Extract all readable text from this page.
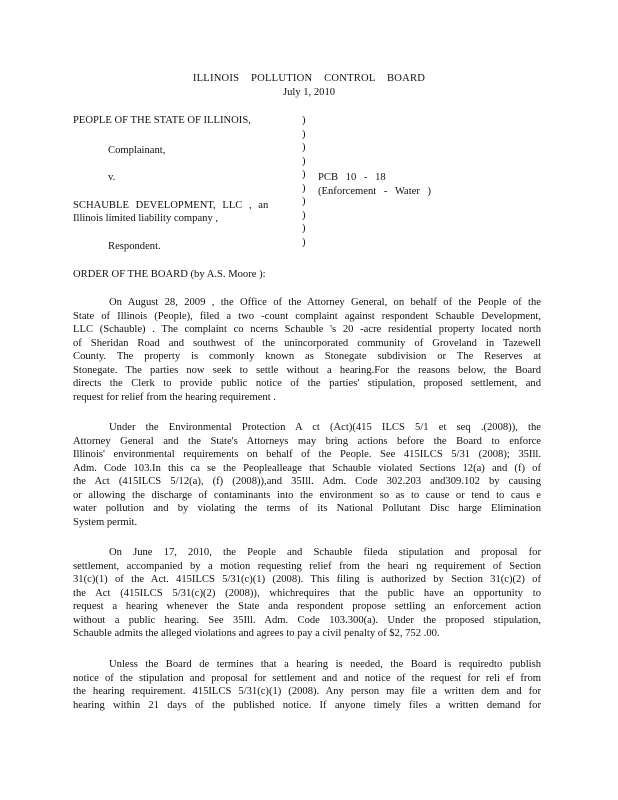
ILLINOIS POLLUTION CONTROL BOARD
July 1, 2010
PEOPLE OF THE STATE OF ILLINOIS,
Complainant,
v.
SCHAUBLE DEVELOPMENT, LLC , an
Illinois limited liability company ,
Respondent.
)
)
)
)
)
)
)
)
)
)
PCB 10 - 18
(Enforcement - Water )
ORDER OF THE BOARD (by A.S. Moore ):
On August 28, 2009 , the Office of the Attorney General, on behalf of the People of the
State of Illinois (People), filed a two -count complaint against respondent Schauble Development,
LLC (Schauble) . The complaint co ncerns Schauble 's 20 -acre residential property located north
of Sheridan Road and southwest of the unincorporated community of Groveland in Tazewell
County. The property is commonly known as Stonegate subdivision or The Reserves at
Stonegate. The parties now seek to settle without a hearing.For the reasons below, the Board
directs the Clerk to provide public notice of the parties' stipulation, proposed settlement, and
request for relief from the hearing requirement .
Under the Environmental Protection A ct (Act)(415 ILCS 5/1 et seq .(2008)), the
Attorney General and the State's Attorneys may bring actions before the Board to enforce
Illinois' environmental requirements on behalf of the People. See 415ILCS 5/31 (2008); 35Ill.
Adm. Code 103.In this ca se the Peoplealleage that Schauble violated Sections 12(a) and (f) of
the Act (415ILCS 5/12(a), (f) (2008)),and 35Ill. Adm. Code 302.203 and309.102 by causing
or allowing the discharge of contaminants into the environment so as to cause or tend to caus e
water pollution and by violating the terms of its National Pollutant Disc harge Elimination
System permit.
On June 17, 2010, the People and Schauble fileda stipulation and proposal for
settlement, accompanied by a motion requesting relief from the heari ng requirement of Section
31(c)(1) of the Act. 415ILCS 5/31(c)(1) (2008). This filing is authorized by Section 31(c)(2) of
the Act (415ILCS 5/31(c)(2) (2008)), whichrequires that the public have an opportunity to
request a hearing whenever the State anda respondent propose settling an enforcement action
without a public hearing. See 35Ill. Adm. Code 103.300(a). Under the proposed stipulation,
Schauble admits the alleged violations and agrees to pay a civil penalty of $2, 752 .00.
Unless the Board de termines that a hearing is needed, the Board is requiredto publish
notice of the stipulation and proposal for settlement and and notice of the request for reli ef from
the hearing requirement. 415ILCS 5/31(c)(1) (2008). Any person may file a written dem and for
hearing within 21 days of the published notice. If anyone timely files a written demand for
